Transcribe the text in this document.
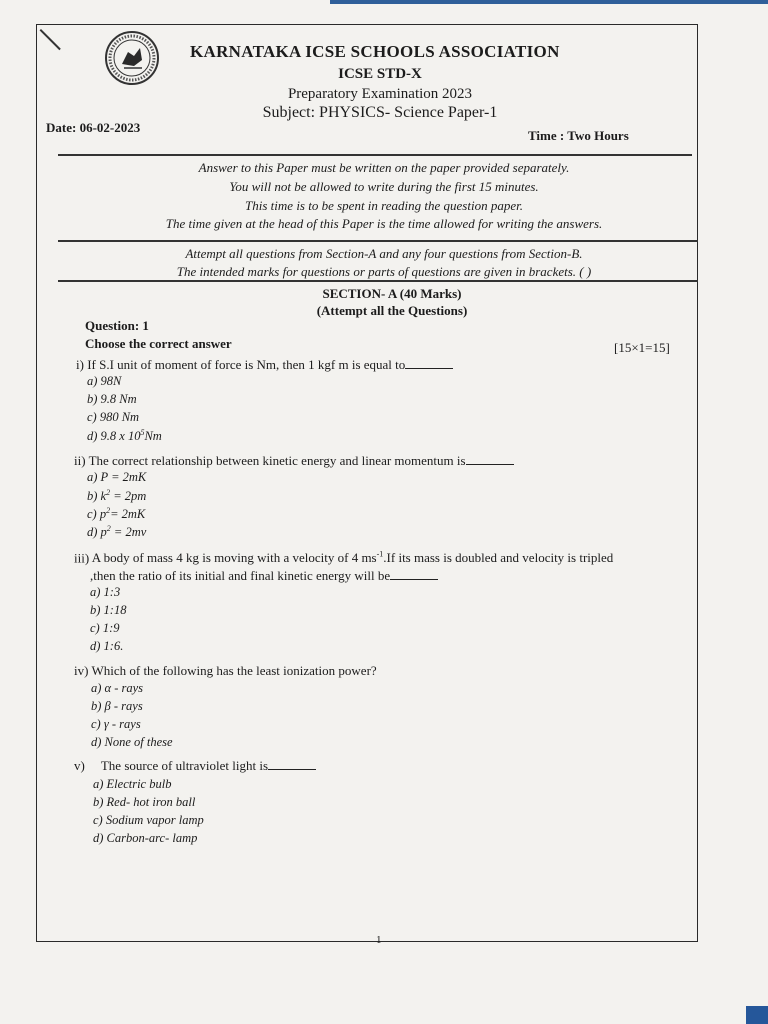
KARNATAKA ICSE SCHOOLS ASSOCIATION
ICSE STD-X
Preparatory Examination 2023
Subject: PHYSICS- Science Paper-1
Date: 06-02-2023
Time : Two Hours
Answer to this Paper must be written on the paper provided separately.
You will not be allowed to write during the first 15 minutes.
This time is to be spent in reading the question paper.
The time given at the head of this Paper is the time allowed for writing the answers.
Attempt all questions from Section-A and any four questions from Section-B.
The intended marks for questions or parts of questions are given in brackets. ( )
SECTION- A (40 Marks)
(Attempt all the Questions)
Question: 1
Choose the correct answer	[15×1=15]
i) If S.I unit of moment of force is Nm, then 1 kgf m is equal to
a) 98N
b) 9.8 Nm
c) 980 Nm
d) 9.8 x $10^5Nm$
ii) The correct relationship between kinetic energy and linear momentum is
a) P = 2mK
b) $k^2 = 2pm$
c) $p^2= 2mK$
d) $p^2 = 2mv$
iii) A body of mass 4 kg is moving with a velocity of 4 $ms^{-1}.If$ its mass is doubled and velocity is tripled
,then the ratio of its initial and final kinetic energy will be
a) 1:3
b) 1:18
c) 1:9
d) 1:6.
iv) Which of the following has the least ionization power?
a) α - rays
b) β - rays
c) γ - rays
d) None of these
v) The source of ultraviolet light is
a) Electric bulb
b) Red- hot iron ball
c) Sodium vapor lamp
d) Carbon-arc- lamp
1
